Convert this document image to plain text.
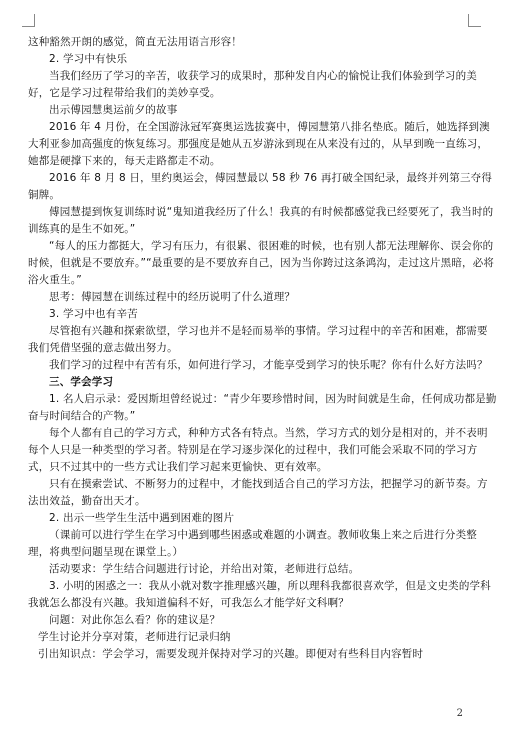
这种豁然开朗的感觉，简直无法用语言形容！

2. 学习中有快乐

当我们经历了学习的辛苦，收获学习的成果时，那种发自内心的愉悦让我们体验到学习的美好，它是学习过程带给我们的美妙享受。

出示傅园慧奥运前夕的故事

2016 年 4 月份，在全国游泳冠军赛奥运选拔赛中，傅园慧第八排名垫底。随后，她选择到澳大利亚参加高强度的恢复练习。那强度是她从五岁游泳到现在从来没有过的，从早到晚一直练习，她都是硬撑下来的，每天走路都走不动。

2016 年 8 月 8 日，里约奥运会，傅园慧最以 58 秒 76 再打破全国纪录，最终并列第三夺得铜牌。

傅园慧提到恢复训练时说“鬼知道我经历了什么！我真的有时候都感觉我已经要死了，我当时的训练真的是生不如死。”

“每人的压力都挺大，学习有压力，有很累、很困难的时候，也有别人都无法理解你、误会你的时候，但就是不要放弃。”“最重要的是不要放弃自己，因为当你跨过这条鸿沟，走过这片黑暗，必将浴火重生。”

思考：傅园慧在训练过程中的经历说明了什么道理？

3. 学习中也有辛苦

尽管抱有兴趣和探索欲望，学习也并不是轻而易举的事情。学习过程中的辛苦和困难，都需要我们凭借坚强的意志做出努力。

我们学习的过程中有苦有乐，如何进行学习，才能享受到学习的快乐呢？你有什么好方法吗？

三、学会学习

1. 名人启示录：爱因斯坦曾经说过：“青少年要珍惜时间，因为时间就是生命，任何成功都是勤奋与时间结合的产物。”

每个人都有自己的学习方式，种种方式各有特点。当然，学习方式的划分是相对的，并不表明每个人只是一种类型的学习者。特别是在学习逐步深化的过程中，我们可能会采取不同的学习方式，只不过其中的一些方式让我们学习起来更愉快、更有效率。

只有在摸索尝试、不断努力的过程中，才能找到适合自己的学习方法，把握学习的新节奏。方法出效益，勤奋出天才。

2. 出示一些学生生活中遇到困难的图片

（课前可以进行学生在学习中遇到哪些困惑或难题的小调查。教师收集上来之后进行分类整理，将典型问题呈现在课堂上。）

活动要求：学生结合问题进行讨论，并给出对策，老师进行总结。

3. 小明的困惑之一：我从小就对数字推理感兴趣，所以理科我都很喜欢学，但是文史类的学科我就怎么都没有兴趣。我知道偏科不好，可我怎么才能学好文科啊？

问题：对此你怎么看？你的建议是？

学生讨论并分享对策，老师进行记录归纳

引出知识点：学会学习，需要发现并保持对学习的兴趣。即便对有些科目内容暂时

2
